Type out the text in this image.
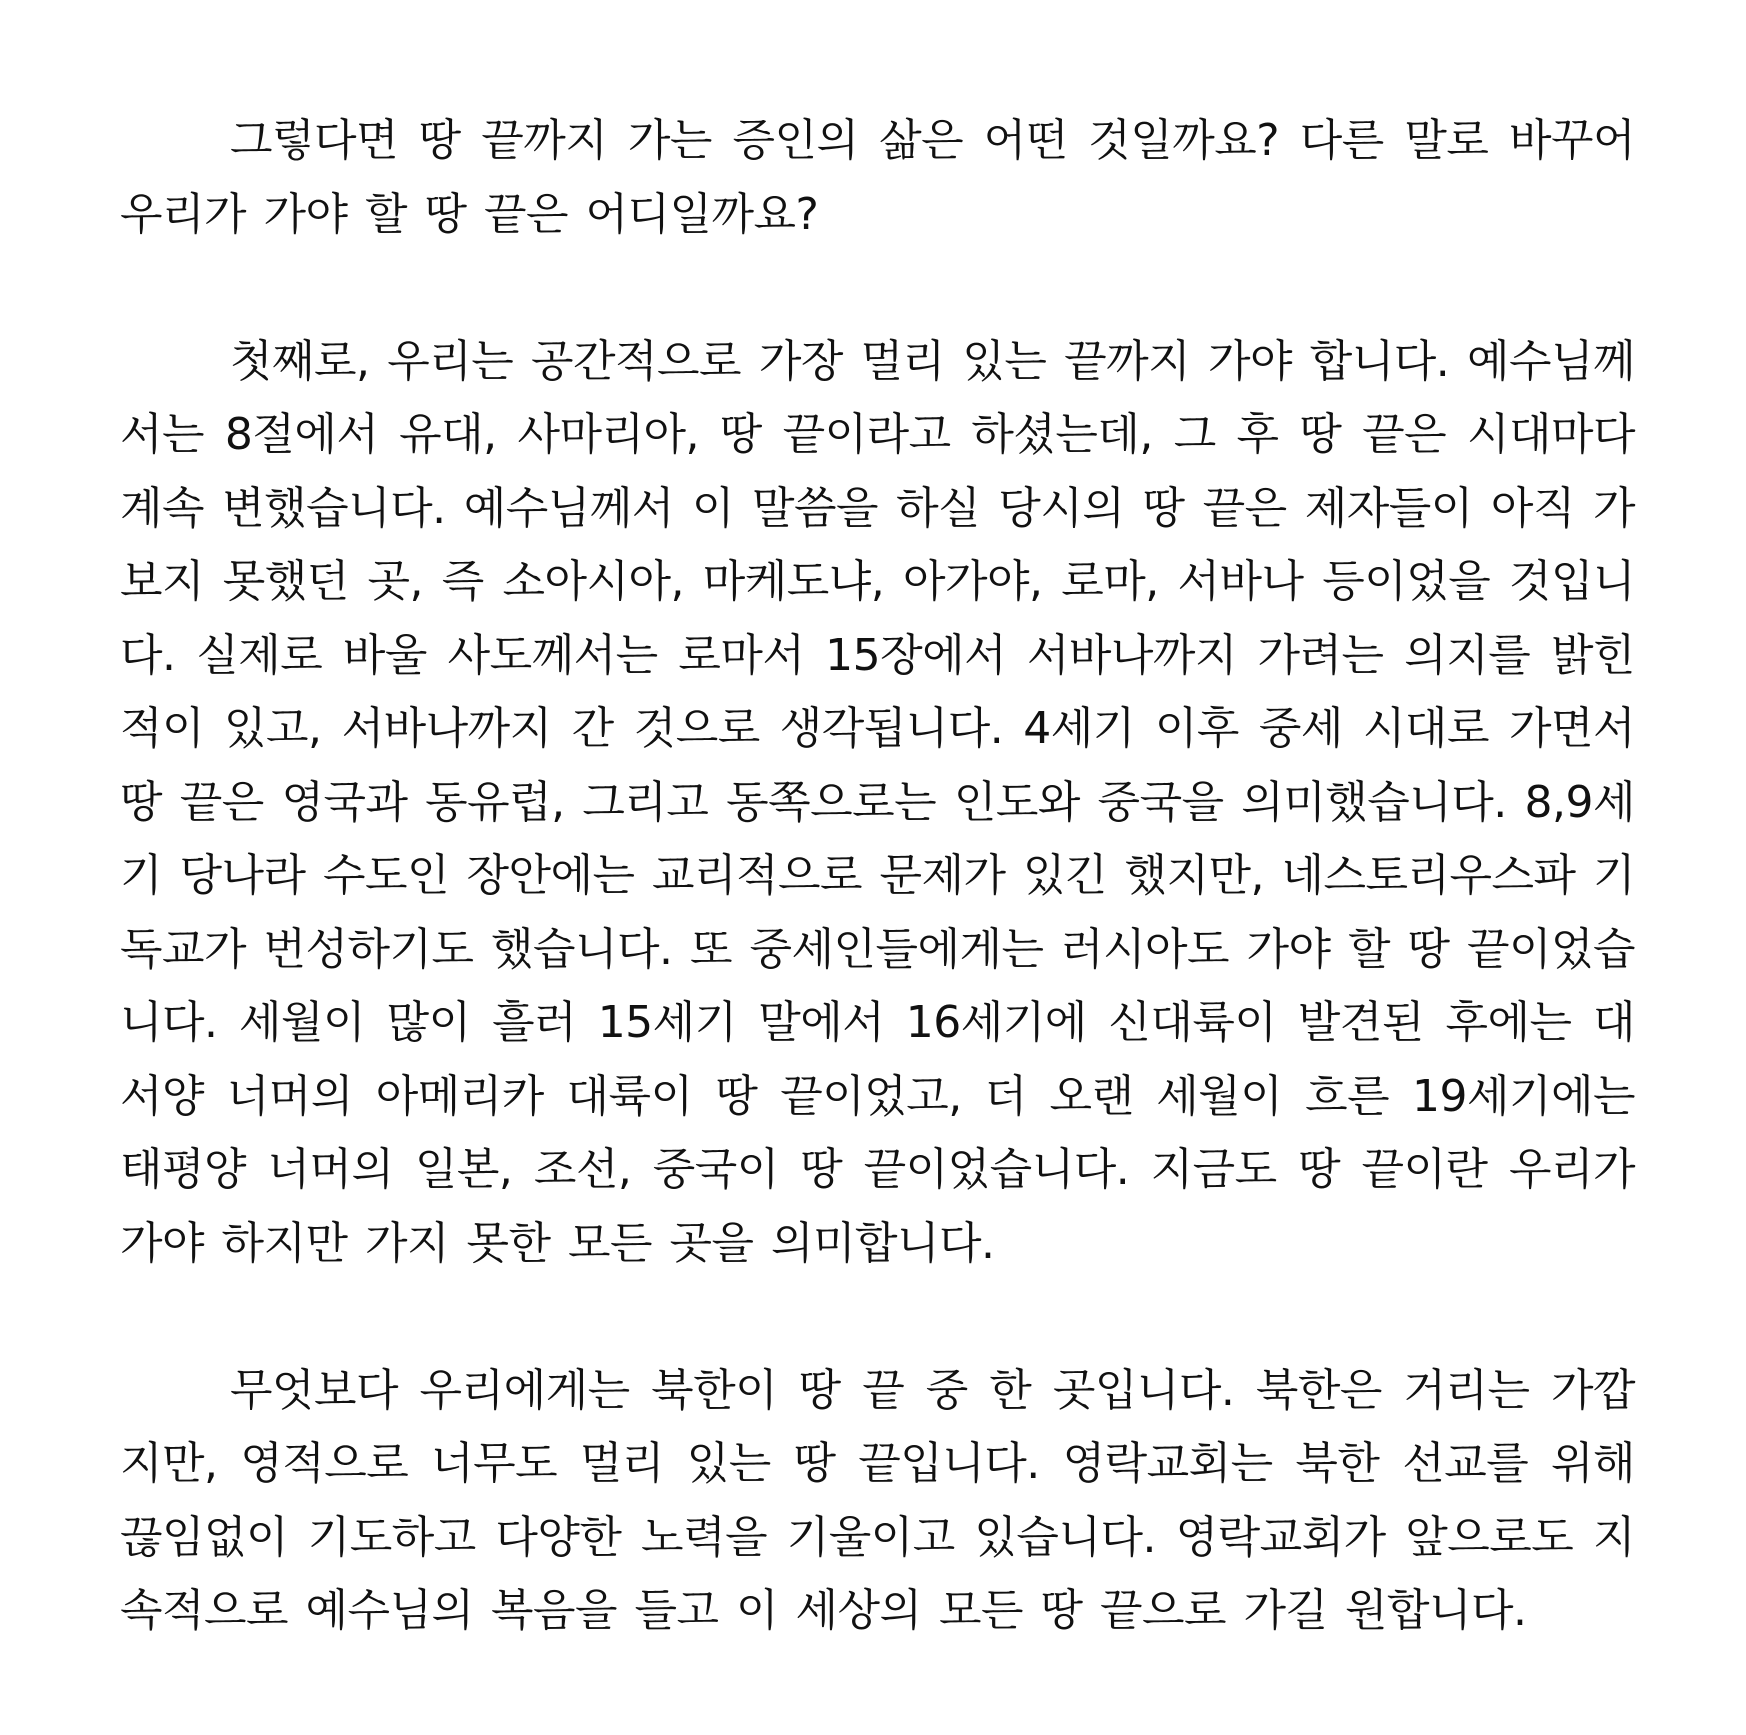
그렇다면 땅 끝까지 가는 증인의 삶은 어떤 것일까요? 다른 말로 바꾸어 우리가 가야 할 땅 끝은 어디일까요?

첫째로, 우리는 공간적으로 가장 멀리 있는 끝까지 가야 합니다. 예수님께서는 8절에서 유대, 사마리아, 땅 끝이라고 하셨는데, 그 후 땅 끝은 시대마다 계속 변했습니다. 예수님께서 이 말씀을 하실 당시의 땅 끝은 제자들이 아직 가보지 못했던 곳, 즉 소아시아, 마케도냐, 아가야, 로마, 서바나 등이었을 것입니다. 실제로 바울 사도께서는 로마서 15장에서 서바나까지 가려는 의지를 밝힌 적이 있고, 서바나까지 간 것으로 생각됩니다. 4세기 이후 중세 시대로 가면서 땅 끝은 영국과 동유럽, 그리고 동쪽으로는 인도와 중국을 의미했습니다. 8,9세기 당나라 수도인 장안에는 교리적으로 문제가 있긴 했지만, 네스토리우스파 기독교가 번성하기도 했습니다. 또 중세인들에게는 러시아도 가야 할 땅 끝이었습니다. 세월이 많이 흘러 15세기 말에서 16세기에 신대륙이 발견된 후에는 대서양 너머의 아메리카 대륙이 땅 끝이었고, 더 오랜 세월이 흐른 19세기에는 태평양 너머의 일본, 조선, 중국이 땅 끝이었습니다. 지금도 땅 끝이란 우리가 가야 하지만 가지 못한 모든 곳을 의미합니다.

무엇보다 우리에게는 북한이 땅 끝 중 한 곳입니다. 북한은 거리는 가깝지만, 영적으로 너무도 멀리 있는 땅 끝입니다. 영락교회는 북한 선교를 위해 끊임없이 기도하고 다양한 노력을 기울이고 있습니다. 영락교회가 앞으로도 지속적으로 예수님의 복음을 들고 이 세상의 모든 땅 끝으로 가길 원합니다.
